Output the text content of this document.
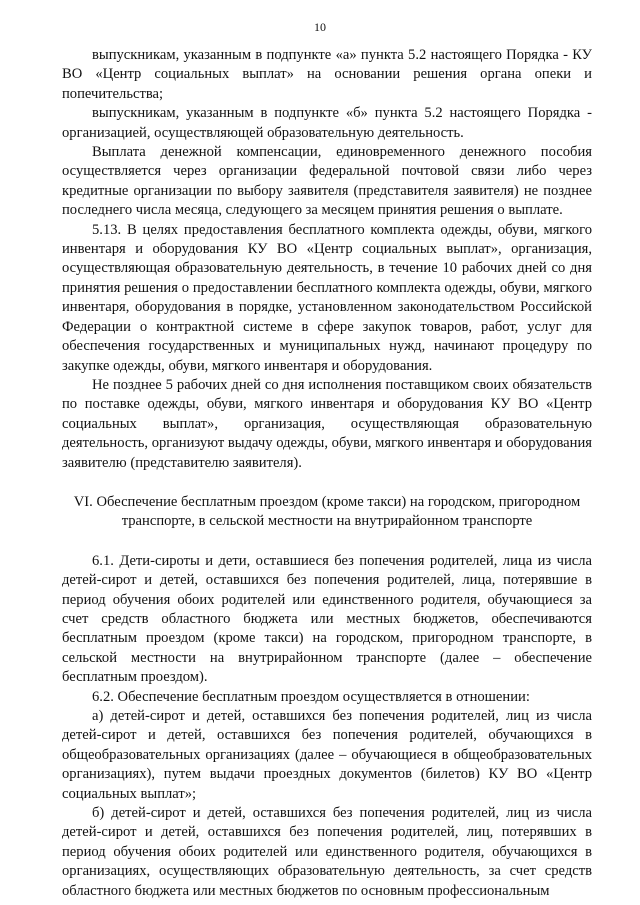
10

выпускникам, указанным в подпункте «а» пункта 5.2 настоящего Порядка - КУ ВО «Центр социальных выплат» на основании решения органа опеки и попечительства;

выпускникам, указанным в подпункте «б» пункта 5.2 настоящего Порядка - организацией, осуществляющей образовательную деятельность.

Выплата денежной компенсации, единовременного денежного пособия осуществляется через организации федеральной почтовой связи либо через кредитные организации по выбору заявителя (представителя заявителя) не позднее последнего числа месяца, следующего за месяцем принятия решения о выплате.

5.13. В целях предоставления бесплатного комплекта одежды, обуви, мягкого инвентаря и оборудования КУ ВО «Центр социальных выплат», организация, осуществляющая образовательную деятельность, в течение 10 рабочих дней со дня принятия решения о предоставлении бесплатного комплекта одежды, обуви, мягкого инвентаря, оборудования в порядке, установленном законодательством Российской Федерации о контрактной системе в сфере закупок товаров, работ, услуг для обеспечения государственных и муниципальных нужд, начинают процедуру по закупке одежды, обуви, мягкого инвентаря и оборудования.

Не позднее 5 рабочих дней со дня исполнения поставщиком своих обязательств по поставке одежды, обуви, мягкого инвентаря и оборудования КУ ВО «Центр социальных выплат», организация, осуществляющая образовательную деятельность, организуют выдачу одежды, обуви, мягкого инвентаря и оборудования заявителю (представителю заявителя).

VI. Обеспечение бесплатным проездом (кроме такси) на городском, пригородном транспорте, в сельской местности на внутрирайонном транспорте

6.1. Дети-сироты и дети, оставшиеся без попечения родителей, лица из числа детей-сирот и детей, оставшихся без попечения родителей, лица, потерявшие в период обучения обоих родителей или единственного родителя, обучающиеся за счет средств областного бюджета или местных бюджетов, обеспечиваются бесплатным проездом (кроме такси) на городском, пригородном транспорте, в сельской местности на внутрирайонном транспорте (далее – обеспечение бесплатным проездом).

6.2. Обеспечение бесплатным проездом осуществляется в отношении:

а) детей-сирот и детей, оставшихся без попечения родителей, лиц из числа детей-сирот и детей, оставшихся без попечения родителей, обучающихся в общеобразовательных организациях (далее – обучающиеся в общеобразовательных организациях), путем выдачи проездных документов (билетов) КУ ВО «Центр социальных выплат»;

б) детей-сирот и детей, оставшихся без попечения родителей, лиц из числа детей-сирот и детей, оставшихся без попечения родителей, лиц, потерявших в период обучения обоих родителей или единственного родителя, обучающихся в организациях, осуществляющих образовательную деятельность, за счет средств областного бюджета или местных бюджетов по основным профессиональным
